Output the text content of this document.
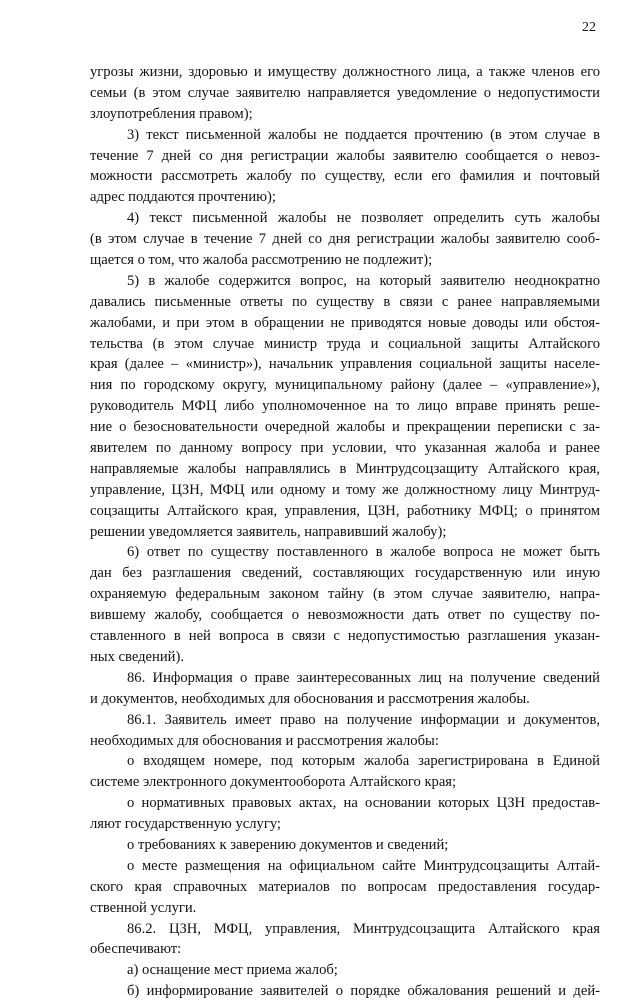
22
угрозы жизни, здоровью и имуществу должностного лица, а также членов его
семьи (в этом случае заявителю направляется уведомление о недопустимости
злоупотребления правом);
3) текст письменной жалобы не поддается прочтению (в этом случае в
течение 7 дней со дня регистрации жалобы заявителю сообщается о невоз-
можности рассмотреть жалобу по существу, если его фамилия и почтовый
адрес поддаются прочтению);
4) текст письменной жалобы не позволяет определить суть жалобы
(в этом случае в течение 7 дней со дня регистрации жалобы заявителю сооб-
щается о том, что жалоба рассмотрению не подлежит);
5) в жалобе содержится вопрос, на который заявителю неоднократно
давались письменные ответы по существу в связи с ранее направляемыми
жалобами, и при этом в обращении не приводятся новые доводы или обстоя-
тельства (в этом случае министр труда и социальной защиты Алтайского
края (далее – «министр»), начальник управления социальной защиты населе-
ния по городскому округу, муниципальному району (далее – «управление»),
руководитель МФЦ либо уполномоченное на то лицо вправе принять реше-
ние о безосновательности очередной жалобы и прекращении переписки с за-
явителем по данному вопросу при условии, что указанная жалоба и ранее
направляемые жалобы направлялись в Минтрудсоцзащиту Алтайского края,
управление, ЦЗН, МФЦ или одному и тому же должностному лицу Минтруд-
соцзащиты Алтайского края, управления, ЦЗН, работнику МФЦ; о принятом
решении уведомляется заявитель, направивший жалобу);
6) ответ по существу поставленного в жалобе вопроса не может быть
дан без разглашения сведений, составляющих государственную или иную
охраняемую федеральным законом тайну (в этом случае заявителю, напра-
вившему жалобу, сообщается о невозможности дать ответ по существу по-
ставленного в ней вопроса в связи с недопустимостью разглашения указан-
ных сведений).
86. Информация о праве заинтересованных лиц на получение сведений
и документов, необходимых для обоснования и рассмотрения жалобы.
86.1. Заявитель имеет право на получение информации и документов,
необходимых для обоснования и рассмотрения жалобы:
о входящем номере, под которым жалоба зарегистрирована в Единой
системе электронного документооборота Алтайского края;
о нормативных правовых актах, на основании которых ЦЗН предостав-
ляют государственную услугу;
о требованиях к заверению документов и сведений;
о месте размещения на официальном сайте Минтрудсоцзащиты Алтай-
ского края справочных материалов по вопросам предоставления государ-
ственной услуги.
86.2. ЦЗН, МФЦ, управления, Минтрудсоцзащита Алтайского края
обеспечивают:
а) оснащение мест приема жалоб;
б) информирование заявителей о порядке обжалования решений и дей-
